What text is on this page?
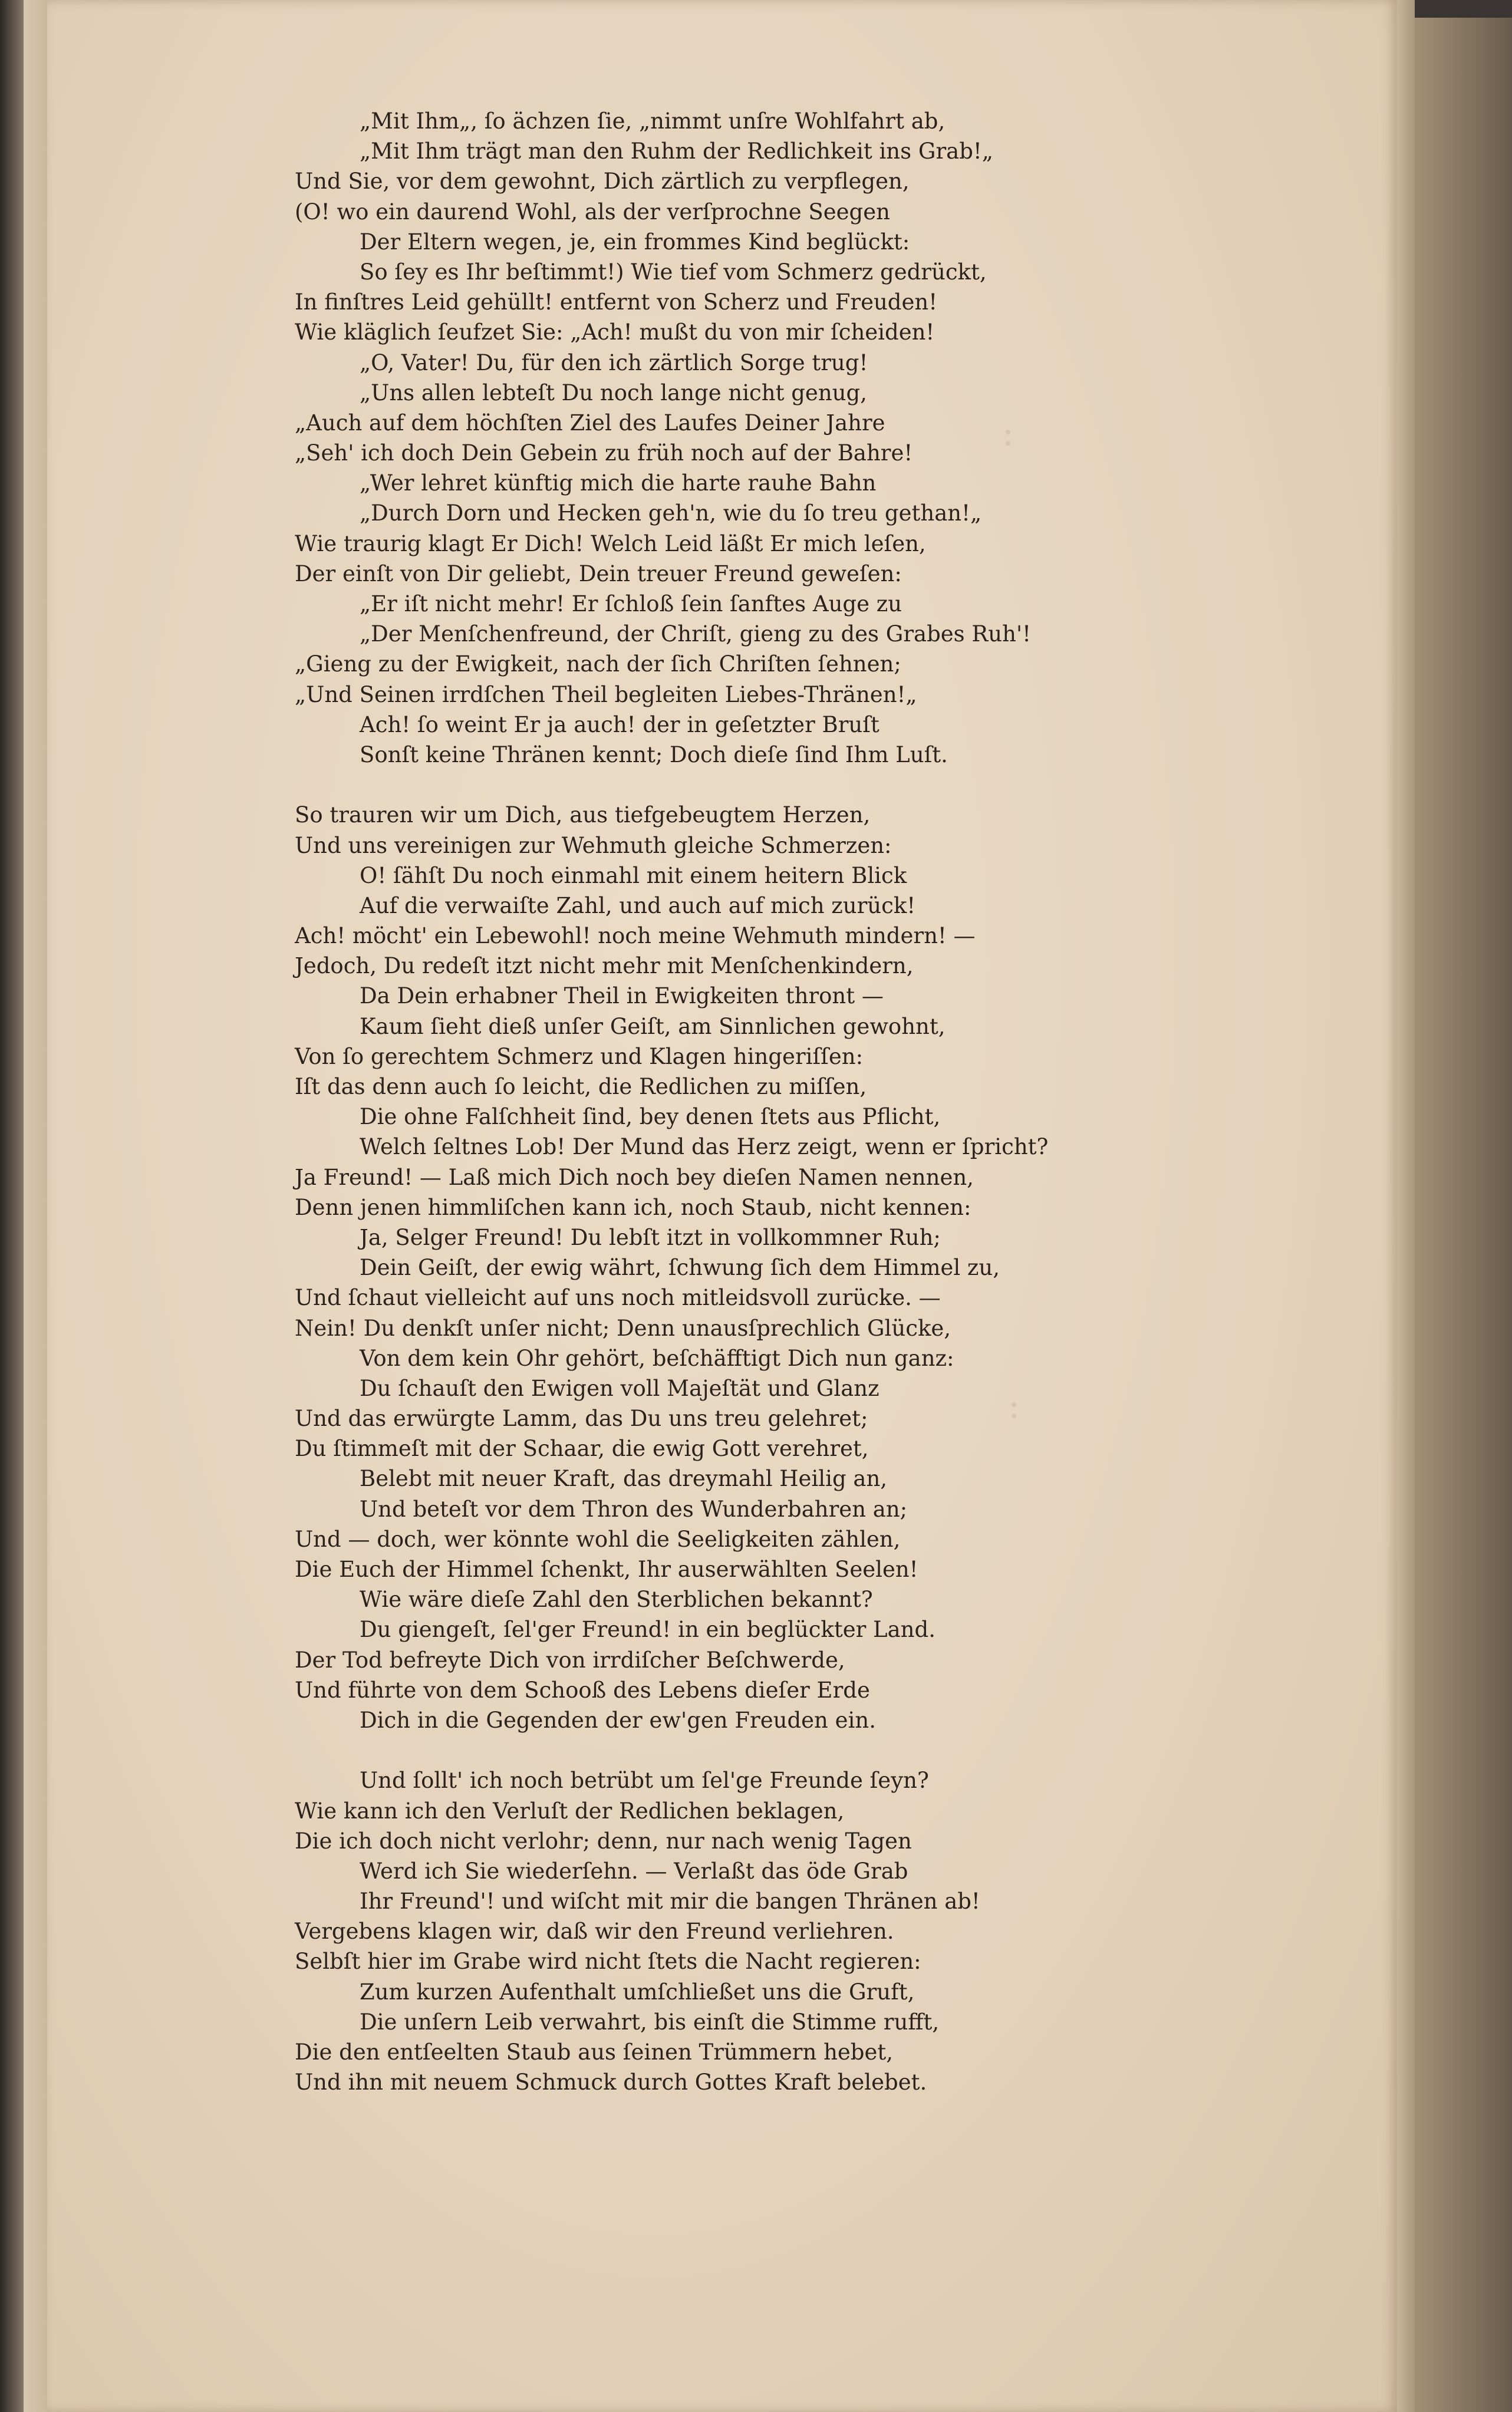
:
:
„Mit Ihm„, ſo ächzen ſie, „nimmt unſre Wohlfahrt ab,
„Mit Ihm trägt man den Ruhm der Redlichkeit ins Grab!„
Und Sie, vor dem gewohnt, Dich zärtlich zu verpflegen,
(O! wo ein daurend Wohl, als der verſprochne Seegen
Der Eltern wegen, je, ein frommes Kind beglückt:
So ſey es Ihr beſtimmt!) Wie tief vom Schmerz gedrückt,
In finſtres Leid gehüllt! entfernt von Scherz und Freuden!
Wie kläglich ſeufzet Sie: „Ach! mußt du von mir ſcheiden!
„O, Vater! Du, für den ich zärtlich Sorge trug!
„Uns allen lebteſt Du noch lange nicht genug,
„Auch auf dem höchſten Ziel des Laufes Deiner Jahre
„Seh' ich doch Dein Gebein zu früh noch auf der Bahre!
„Wer lehret künftig mich die harte rauhe Bahn
„Durch Dorn und Hecken geh'n, wie du ſo treu gethan!„
Wie traurig klagt Er Dich! Welch Leid läßt Er mich leſen,
Der einſt von Dir geliebt, Dein treuer Freund geweſen:
„Er iſt nicht mehr! Er ſchloß ſein ſanftes Auge zu
„Der Menſchenfreund, der Chriſt, gieng zu des Grabes Ruh'!
„Gieng zu der Ewigkeit, nach der ſich Chriſten ſehnen;
„Und Seinen irrdſchen Theil begleiten Liebes-Thränen!„
Ach! ſo weint Er ja auch! der in geſetzter Bruſt
Sonſt keine Thränen kennt; Doch dieſe ſind Ihm Luſt.
So trauren wir um Dich, aus tiefgebeugtem Herzen,
Und uns vereinigen zur Wehmuth gleiche Schmerzen:
O! ſähſt Du noch einmahl mit einem heitern Blick
Auf die verwaiſte Zahl, und auch auf mich zurück!
Ach! möcht' ein Lebewohl! noch meine Wehmuth mindern! —
Jedoch, Du redeſt itzt nicht mehr mit Menſchenkindern,
Da Dein erhabner Theil in Ewigkeiten thront —
Kaum ſieht dieß unſer Geiſt, am Sinnlichen gewohnt,
Von ſo gerechtem Schmerz und Klagen hingeriſſen:
Iſt das denn auch ſo leicht, die Redlichen zu miſſen,
Die ohne Falſchheit ſind, bey denen ſtets aus Pflicht,
Welch ſeltnes Lob! Der Mund das Herz zeigt, wenn er ſpricht?
Ja Freund! — Laß mich Dich noch bey dieſen Namen nennen,
Denn jenen himmliſchen kann ich, noch Staub, nicht kennen:
Ja, Selger Freund! Du lebſt itzt in vollkommner Ruh;
Dein Geiſt, der ewig währt, ſchwung ſich dem Himmel zu,
Und ſchaut vielleicht auf uns noch mitleidsvoll zurücke. —
Nein! Du denkſt unſer nicht; Denn unausſprechlich Glücke,
Von dem kein Ohr gehört, beſchäfftigt Dich nun ganz:
Du ſchauſt den Ewigen voll Majeſtät und Glanz
Und das erwürgte Lamm, das Du uns treu gelehret;
Du ſtimmeſt mit der Schaar, die ewig Gott verehret,
Belebt mit neuer Kraft, das dreymahl Heilig an,
Und beteſt vor dem Thron des Wunderbahren an;
Und — doch, wer könnte wohl die Seeligkeiten zählen,
Die Euch der Himmel ſchenkt, Ihr auserwählten Seelen!
Wie wäre dieſe Zahl den Sterblichen bekannt?
Du giengeſt, ſel'ger Freund! in ein beglückter Land.
Der Tod befreyte Dich von irrdiſcher Beſchwerde,
Und führte von dem Schooß des Lebens dieſer Erde
Dich in die Gegenden der ew'gen Freuden ein.
Und ſollt' ich noch betrübt um ſel'ge Freunde ſeyn?
Wie kann ich den Verluſt der Redlichen beklagen,
Die ich doch nicht verlohr; denn, nur nach wenig Tagen
Werd ich Sie wiederſehn. — Verlaßt das öde Grab
Ihr Freund'! und wiſcht mit mir die bangen Thränen ab!
Vergebens klagen wir, daß wir den Freund verliehren.
Selbſt hier im Grabe wird nicht ſtets die Nacht regieren:
Zum kurzen Aufenthalt umſchließet uns die Gruft,
Die unſern Leib verwahrt, bis einſt die Stimme rufft,
Die den entſeelten Staub aus ſeinen Trümmern hebet,
Und ihn mit neuem Schmuck durch Gottes Kraft belebet.
